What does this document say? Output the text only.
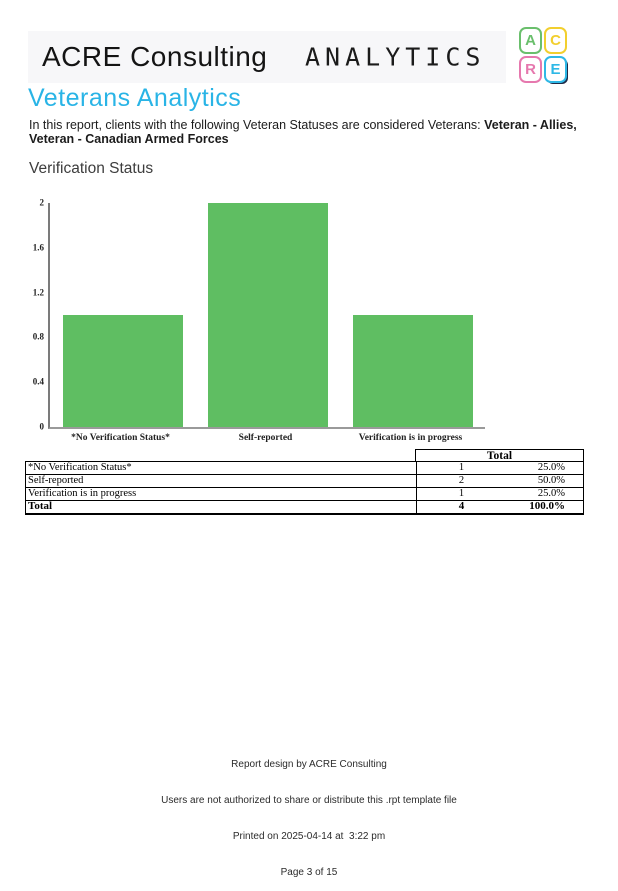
ACRE Consulting ANALYTICS
A C
R E
Veterans Analytics
In this report, clients with the following Veteran Statuses are considered Veterans: Veteran - Allies, Veteran - Canadian Armed Forces
Verification Status
0
0.4
0.8
1.2
1.6
2
*No Verification Status*	Self-reported	Verification is in progress
Total
*No Verification Status*	1	25.0%
Self-reported	2	50.0%
Verification is in progress	1	25.0%
Total	4	100.0%

Report design by ACRE Consulting

Users are not authorized to share or distribute this .rpt template file

Printed on 2025-04-14 at  3:22 pm

Page 3 of 15
